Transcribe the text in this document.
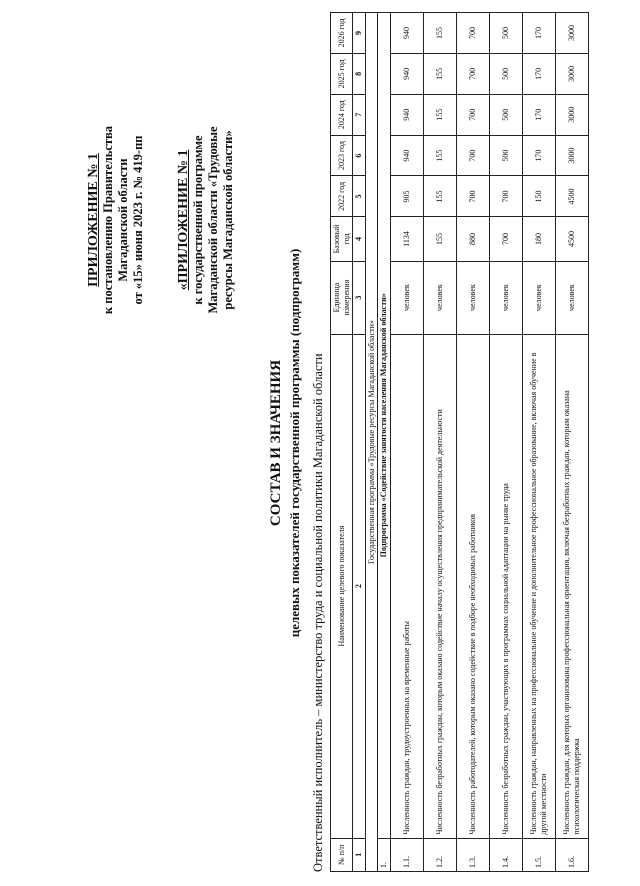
ПРИЛОЖЕНИЕ № 1 к постановлению Правительства Магаданской области от «15» июня 2023 г. № 419-пп «ПРИЛОЖЕНИЕ № 1 к государственной программе Магаданской области «Трудовые ресурсы Магаданской области»
СОСТАВ И ЗНАЧЕНИЯ целевых показателей государственной программы (подпрограмм) Ответственный исполнитель – министерство труда и социальной политики Магаданской области № п/п	Наименование целевого показателя	Единица измерения	Базовый год	2022 год	2023 год	2024 год	2025 год	2026 год
1	2	3	4	5	6	7	8	9
Государственная программа «Трудовые ресурсы Магаданской области»								
1.	Подпрограмма «Содействие занятости населения Магаданской области»							
1.1.	Численность граждан, трудоустроенных на временные работы	человек	1134	905	940	940	940	940
1.2.	Численность безработных граждан, которым оказано содействие началу осуществления предпринимательской деятельности	человек	155	155	155	155	155	155
1.3.	Численность работодателей, которым оказано содействие в подборе необходимых работников	человек	880	700	700	700	700	700
1.4.	Численность безработных граждан, участвующих в программах социальной адаптации на рынке труда	человек	700	700	500	500	500	500
1.5.	Численность граждан, направленных на профессиональное обучение и дополнительное профессиональное образование, включая обучение в другой местности	человек	180	150	170	170	170	170
1.6.	Численность граждан, для которых организована профессиональная ориентация, включая безработных граждан, которым оказана психологическая поддержка	человек	4500	4500	3000	3000	3000	3000
